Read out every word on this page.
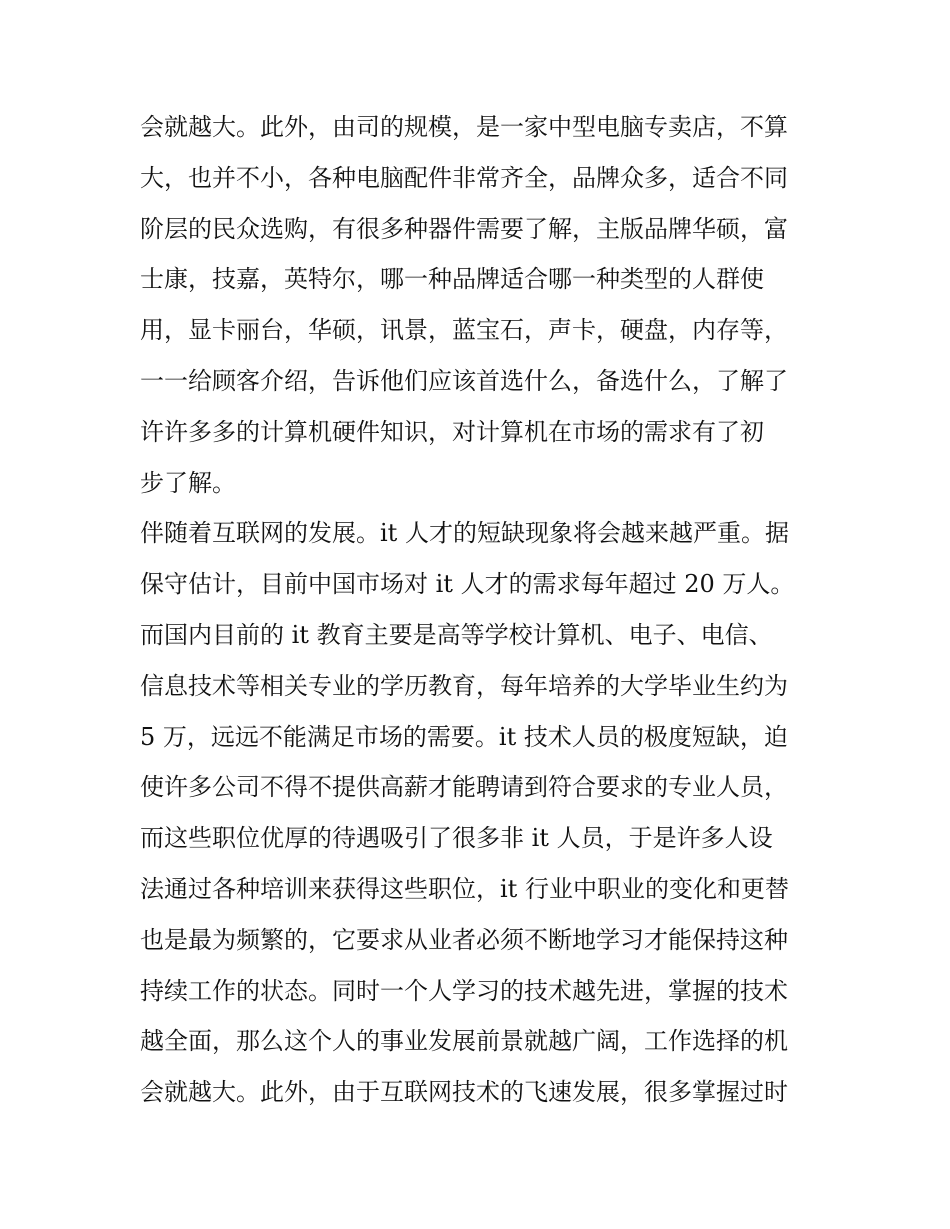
会就越大。此外，由司的规模，是一家中型电脑专卖店，不算

大，也并不小，各种电脑配件非常齐全，品牌众多，适合不同

阶层的民众选购，有很多种器件需要了解，主版品牌华硕，富

士康，技嘉，英特尔，哪一种品牌适合哪一种类型的人群使

用，显卡丽台，华硕，讯景，蓝宝石，声卡，硬盘，内存等，

一一给顾客介绍，告诉他们应该首选什么，备选什么，了解了

许许多多的计算机硬件知识，对计算机在市场的需求有了初

步了解。

伴随着互联网的发展。it 人才的短缺现象将会越来越严重。据

保守估计，目前中国市场对 it 人才的需求每年超过 20 万人。

而国内目前的 it 教育主要是高等学校计算机、电子、电信、

信息技术等相关专业的学历教育，每年培养的大学毕业生约为

5 万，远远不能满足市场的需要。it 技术人员的极度短缺，迫

使许多公司不得不提供高薪才能聘请到符合要求的专业人员，

而这些职位优厚的待遇吸引了很多非 it 人员，于是许多人设

法通过各种培训来获得这些职位，it 行业中职业的变化和更替

也是最为频繁的，它要求从业者必须不断地学习才能保持这种

持续工作的状态。同时一个人学习的技术越先进，掌握的技术

越全面，那么这个人的事业发展前景就越广阔，工作选择的机

会就越大。此外，由于互联网技术的飞速发展，很多掌握过时
